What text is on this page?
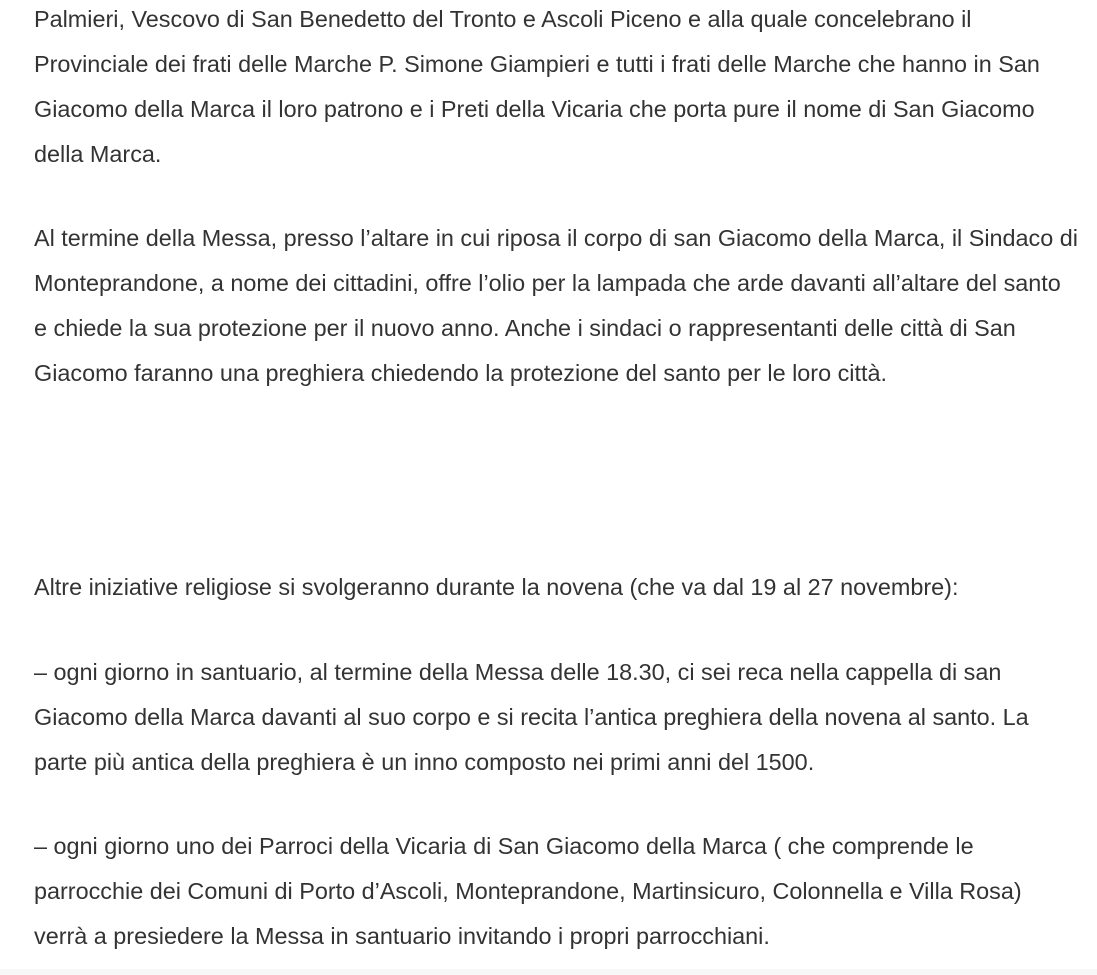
Palmieri, Vescovo di San Benedetto del Tronto e Ascoli Piceno e alla quale concelebrano il Provinciale dei frati delle Marche P. Simone Giampieri e tutti i frati delle Marche che hanno in San Giacomo della Marca il loro patrono e i Preti della Vicaria che porta pure il nome di San Giacomo della Marca.

Al termine della Messa, presso l’altare in cui riposa il corpo di san Giacomo della Marca, il Sindaco di Monteprandone, a nome dei cittadini, offre l’olio per la lampada che arde davanti all’altare del santo e chiede la sua protezione per il nuovo anno. Anche i sindaci o rappresentanti delle città di San Giacomo faranno una preghiera chiedendo la protezione del santo per le loro città.

Altre iniziative religiose si svolgeranno durante la novena (che va dal 19 al 27 novembre):

– ogni giorno in santuario, al termine della Messa delle 18.30, ci sei reca nella cappella di san Giacomo della Marca davanti al suo corpo e si recita l’antica preghiera della novena al santo. La parte più antica della preghiera è un inno composto nei primi anni del 1500.

– ogni giorno uno dei Parroci della Vicaria di San Giacomo della Marca ( che comprende le parrocchie dei Comuni di Porto d’Ascoli, Monteprandone, Martinsicuro, Colonnella e Villa Rosa) verrà a presiedere la Messa in santuario invitando i propri parrocchiani.
